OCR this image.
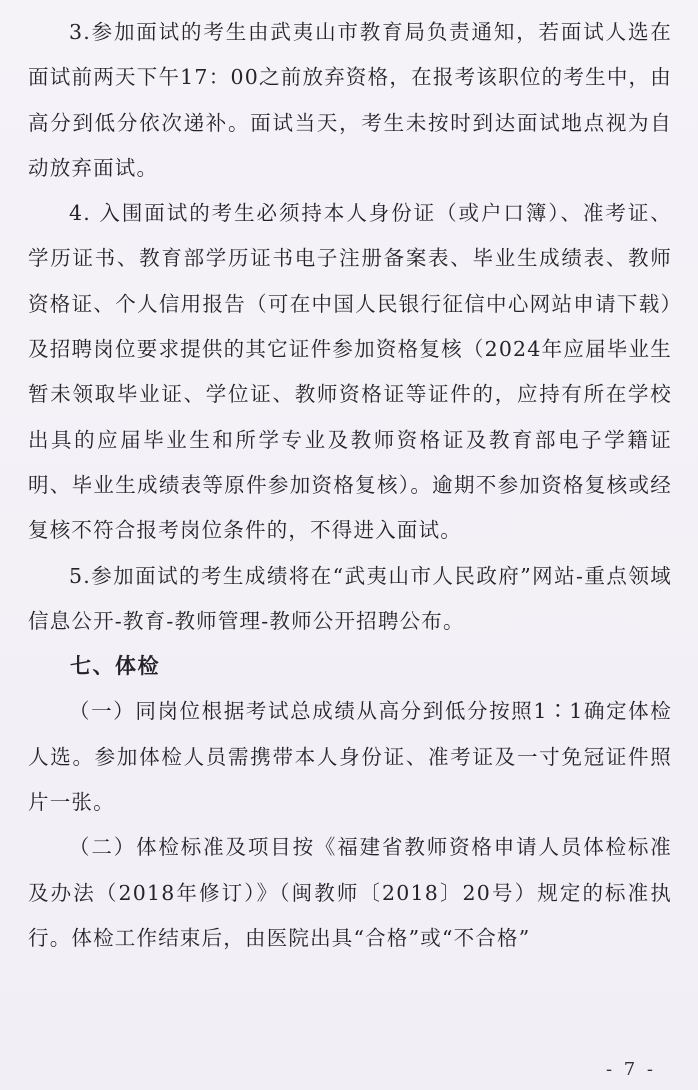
3.参加面试的考生由武夷山市教育局负责通知，若面试人选在面试前两天下午17：00之前放弃资格，在报考该职位的考生中，由高分到低分依次递补。面试当天，考生未按时到达面试地点视为自动放弃面试。

4. 入围面试的考生必须持本人身份证（或户口簿）、准考证、学历证书、教育部学历证书电子注册备案表、毕业生成绩表、教师资格证、个人信用报告（可在中国人民银行征信中心网站申请下载）及招聘岗位要求提供的其它证件参加资格复核（2024年应届毕业生暂未领取毕业证、学位证、教师资格证等证件的，应持有所在学校出具的应届毕业生和所学专业及教师资格证及教育部电子学籍证明、毕业生成绩表等原件参加资格复核）。逾期不参加资格复核或经复核不符合报考岗位条件的，不得进入面试。

5.参加面试的考生成绩将在“武夷山市人民政府”网站-重点领域信息公开-教育-教师管理-教师公开招聘公布。

七、体检

（一）同岗位根据考试总成绩从高分到低分按照1∶1确定体检人选。参加体检人员需携带本人身份证、准考证及一寸免冠证件照片一张。

（二）体检标准及项目按《福建省教师资格申请人员体检标准及办法（2018年修订）》（闽教师〔2018〕20号）规定的标准执行。体检工作结束后，由医院出具“合格”或“不合格”

- 7 -
